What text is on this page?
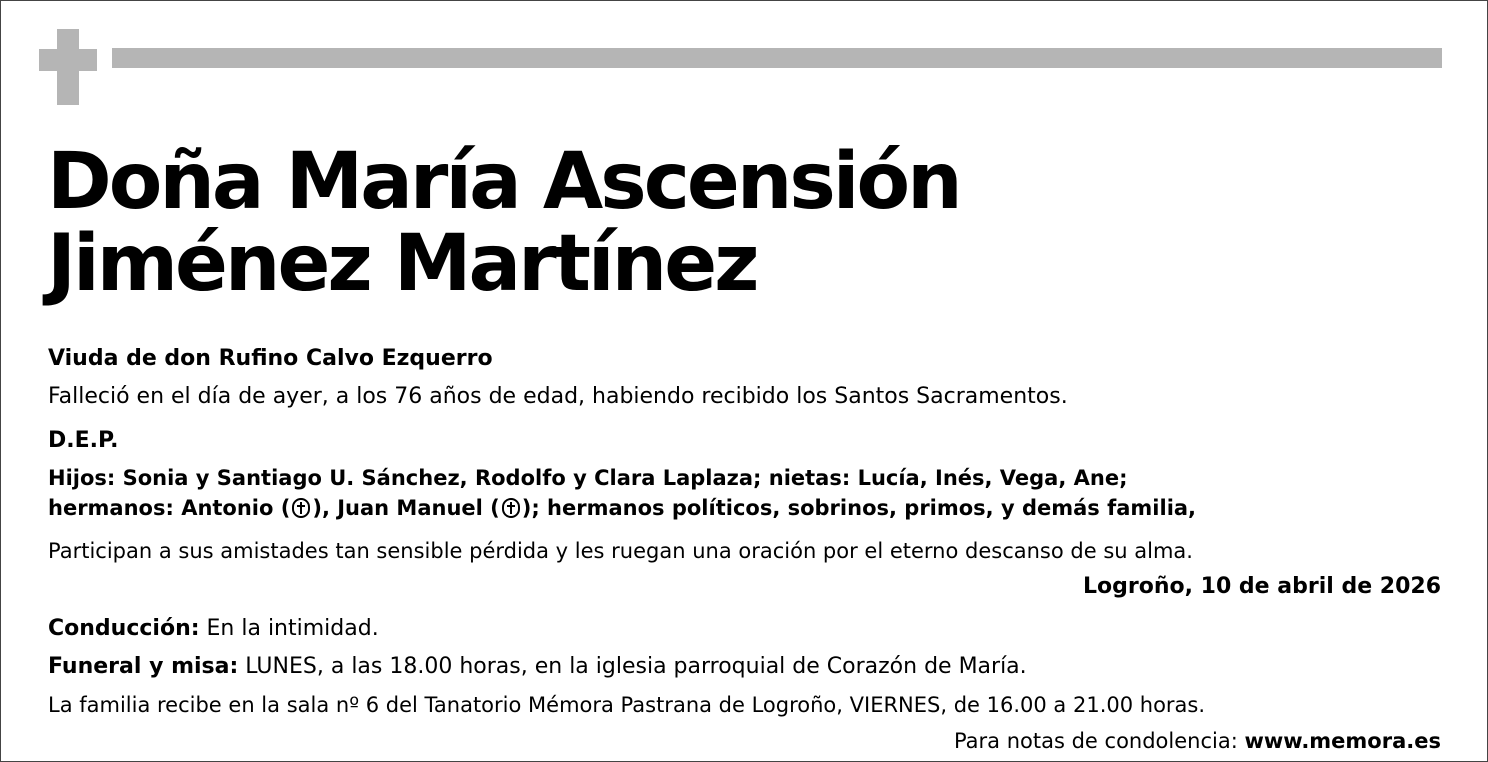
Doña María Ascensión
Jiménez Martínez
Viuda de don Rufino Calvo Ezquerro
Falleció en el día de ayer, a los 76 años de edad, habiendo recibido los Santos Sacramentos.
D.E.P.
Hijos: Sonia y Santiago U. Sánchez, Rodolfo y Clara Laplaza; nietas: Lucía, Inés, Vega, Ane;
hermanos: Antonio ( ), Juan Manuel ( ); hermanos políticos, sobrinos, primos, y demás familia,
Participan a sus amistades tan sensible pérdida y les ruegan una oración por el eterno descanso de su alma.
Logroño, 10 de abril de 2026
Conducción: En la intimidad.
Funeral y misa: LUNES, a las 18.00 horas, en la iglesia parroquial de Corazón de María.
La familia recibe en la sala nº 6 del Tanatorio Mémora Pastrana de Logroño, VIERNES, de 16.00 a 21.00 horas.
Para notas de condolencia: www.memora.es
